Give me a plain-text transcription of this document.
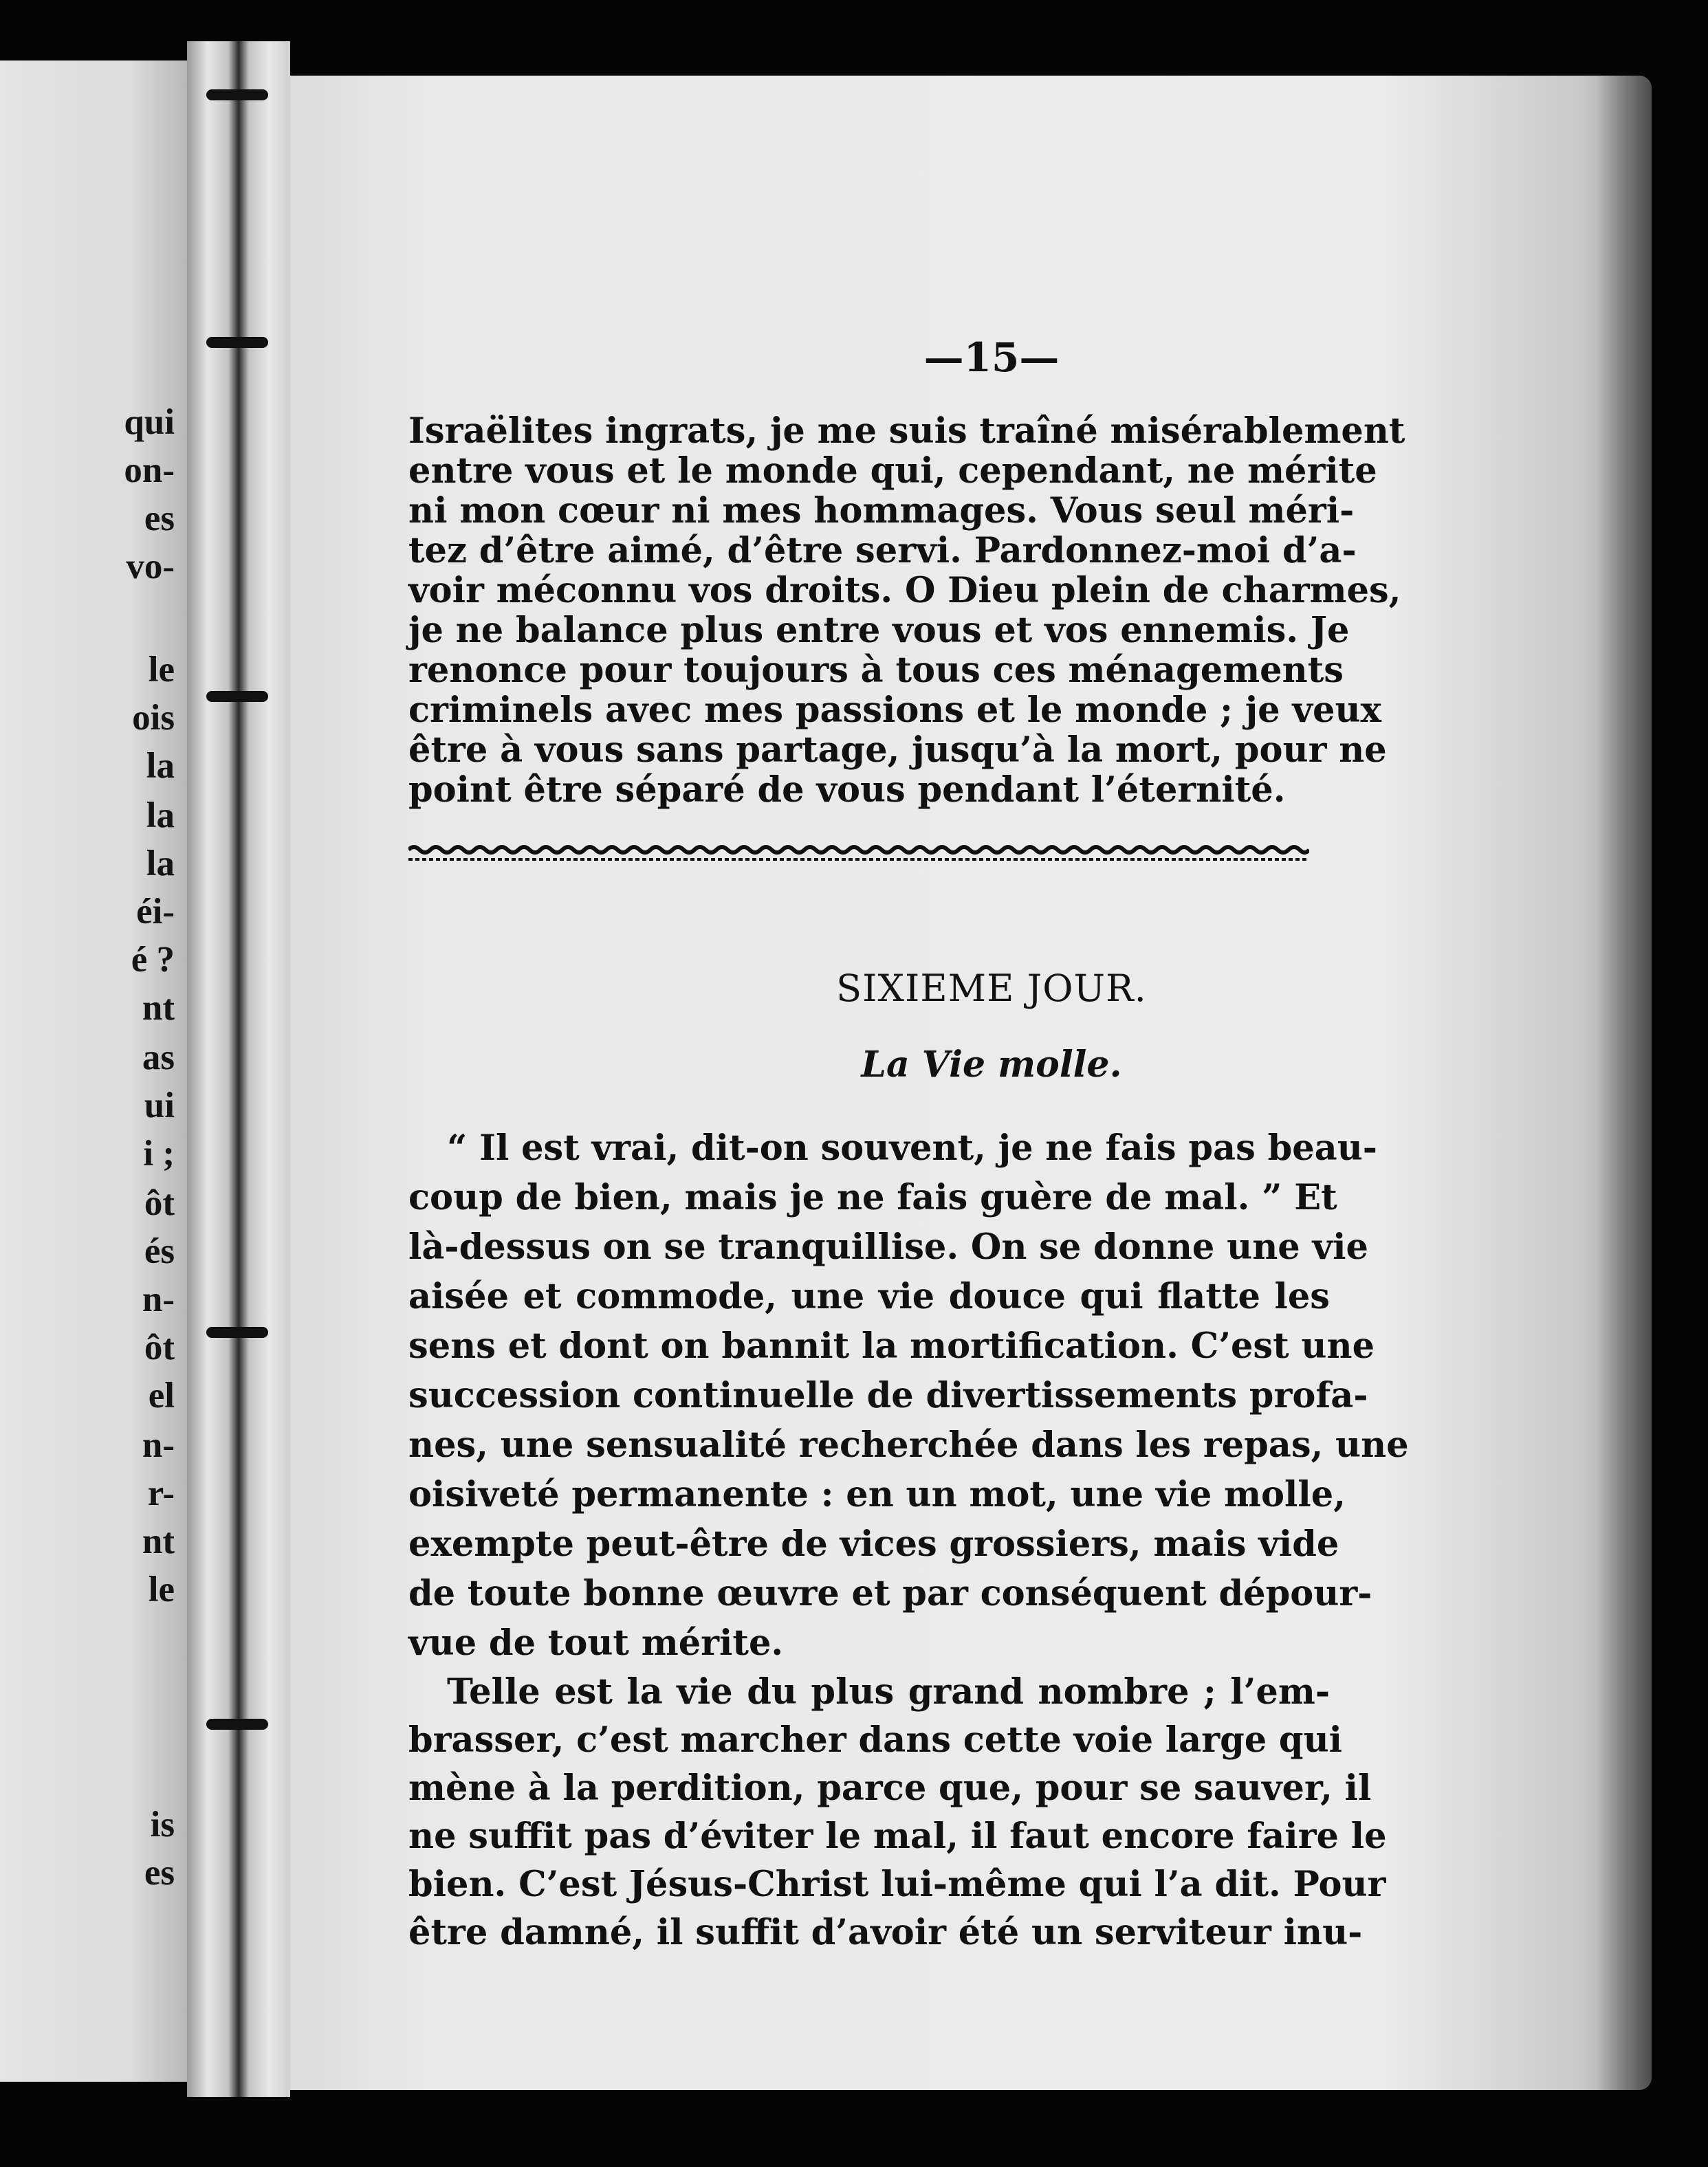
qui

on-

es

vo-

le

ois

la

la

la

éi-

é ?

nt

as

ui

i ;

ôt

és

n-

ôt

el

n-

r-

nt

le

is

es

—15—

Israëlites ingrats, je me suis traîné misérablement

entre vous et le monde qui, cependant, ne mérite

ni mon cœur ni mes hommages. Vous seul méri-

tez d’être aimé, d’être servi. Pardonnez-moi d’a-

voir méconnu vos droits. O Dieu plein de charmes,

je ne balance plus entre vous et vos ennemis. Je

renonce pour toujours à tous ces ménagements

criminels avec mes passions et le monde ; je veux

être à vous sans partage, jusqu’à la mort, pour ne

point être séparé de vous pendant l’éternité.

SIXIEME JOUR.

La Vie molle.

“ Il est vrai, dit-on souvent, je ne fais pas beau-

coup de bien, mais je ne fais guère de mal. ” Et

là-dessus on se tranquillise. On se donne une vie

aisée et commode, une vie douce qui flatte les

sens et dont on bannit la mortification. C’est une

succession continuelle de divertissements profa-

nes, une sensualité recherchée dans les repas, une

oisiveté permanente : en un mot, une vie molle,

exempte peut-être de vices grossiers, mais vide

de toute bonne œuvre et par conséquent dépour-

vue de tout mérite.

Telle est la vie du plus grand nombre ; l’em-

brasser, c’est marcher dans cette voie large qui

mène à la perdition, parce que, pour se sauver, il

ne suffit pas d’éviter le mal, il faut encore faire le

bien. C’est Jésus-Christ lui-même qui l’a dit. Pour

être damné, il suffit d’avoir été un serviteur inu-
